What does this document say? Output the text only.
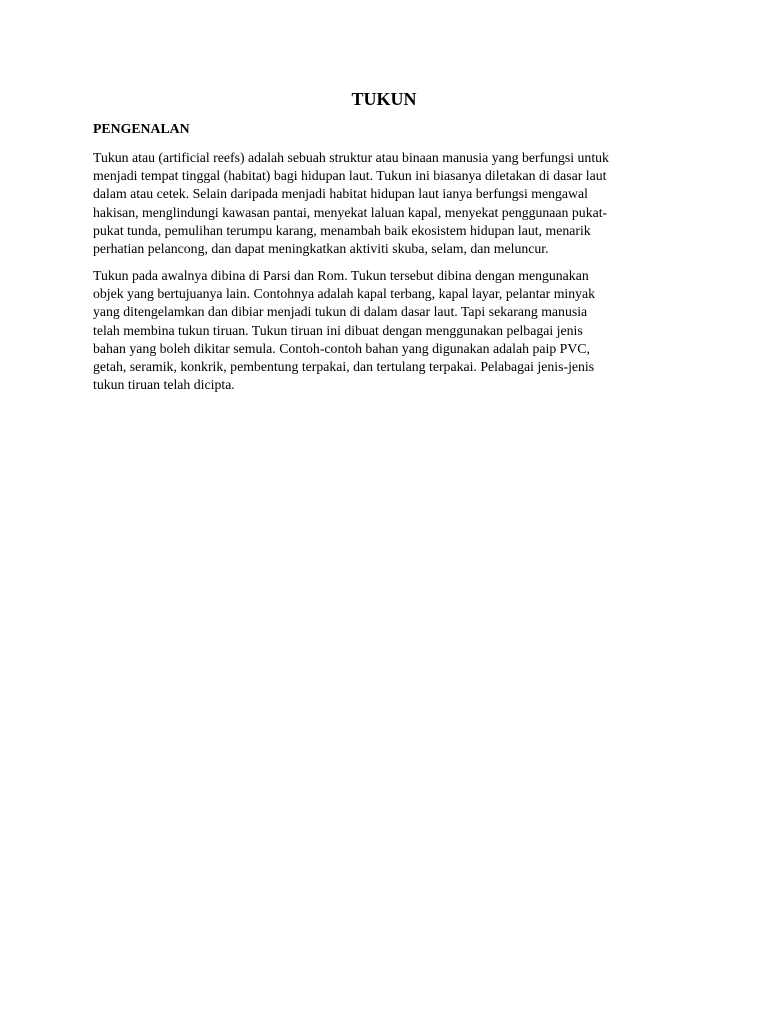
TUKUN
PENGENALAN

Tukun atau (artificial reefs) adalah sebuah struktur atau binaan manusia yang berfungsi untuk
menjadi tempat tinggal (habitat) bagi hidupan laut. Tukun ini biasanya diletakan di dasar laut
dalam atau cetek. Selain daripada menjadi habitat hidupan laut ianya berfungsi mengawal
hakisan, menglindungi kawasan pantai, menyekat laluan kapal, menyekat penggunaan pukat-
pukat tunda, pemulihan terumpu karang, menambah baik ekosistem hidupan laut, menarik
perhatian pelancong, dan dapat meningkatkan aktiviti skuba, selam, dan meluncur.

Tukun pada awalnya dibina di Parsi dan Rom. Tukun tersebut dibina dengan mengunakan
objek yang bertujuanya lain. Contohnya adalah kapal terbang, kapal layar, pelantar minyak
yang ditengelamkan dan dibiar menjadi tukun di dalam dasar laut. Tapi sekarang manusia
telah membina tukun tiruan. Tukun tiruan ini dibuat dengan menggunakan pelbagai jenis
bahan yang boleh dikitar semula. Contoh-contoh bahan yang digunakan adalah paip PVC,
getah, seramik, konkrik, pembentung terpakai, dan tertulang terpakai. Pelabagai jenis-jenis
tukun tiruan telah dicipta.
